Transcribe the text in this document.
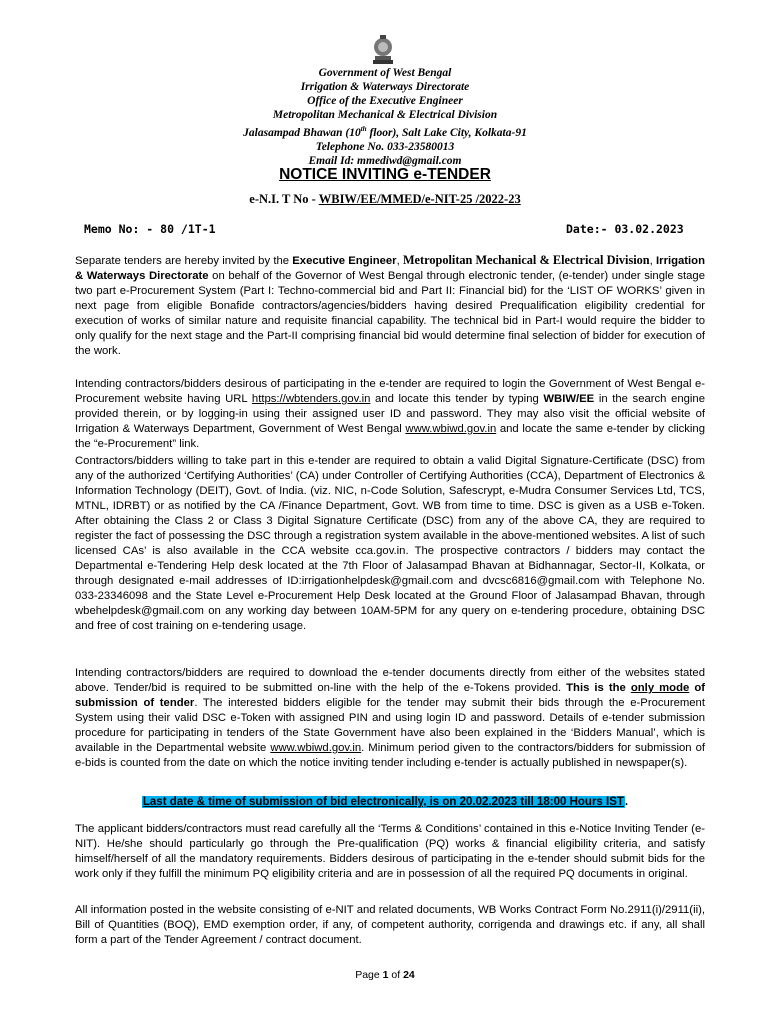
Government of West Bengal
Irrigation & Waterways Directorate
Office of the Executive Engineer
Metropolitan Mechanical & Electrical Division
Jalasampad Bhawan (10th floor), Salt Lake City, Kolkata-91
Telephone No. 033-23580013
Email Id: mmediwd@gmail.com
NOTICE INVITING e-TENDER
e-N.I. T No - WBIW/EE/MMED/e-NIT-25 /2022-23
Memo No: - 80 /1T-1	Date:- 03.02.2023
Separate tenders are hereby invited by the Executive Engineer, Metropolitan Mechanical & Electrical Division, Irrigation & Waterways Directorate on behalf of the Governor of West Bengal through electronic tender, (e-tender) under single stage two part e-Procurement System (Part I: Techno-commercial bid and Part II: Financial bid) for the ‘LIST OF WORKS’ given in next page from eligible Bonafide contractors/agencies/bidders having desired Prequalification eligibility credential for execution of works of similar nature and requisite financial capability. The technical bid in Part-I would require the bidder to only qualify for the next stage and the Part-II comprising financial bid would determine final selection of bidder for execution of the work.
Intending contractors/bidders desirous of participating in the e-tender are required to login the Government of West Bengal e-Procurement website having URL https://wbtenders.gov.in and locate this tender by typing WBIW/EE in the search engine provided therein, or by logging-in using their assigned user ID and password. They may also visit the official website of Irrigation & Waterways Department, Government of West Bengal www.wbiwd.gov.in and locate the same e-tender by clicking the “e-Procurement” link.
Contractors/bidders willing to take part in this e-tender are required to obtain a valid Digital Signature-Certificate (DSC) from any of the authorized ‘Certifying Authorities’ (CA) under Controller of Certifying Authorities (CCA), Department of Electronics & Information Technology (DEIT), Govt. of India. (viz. NIC, n-Code Solution, Safescrypt, e-Mudra Consumer Services Ltd, TCS, MTNL, IDRBT) or as notified by the CA /Finance Department, Govt. WB from time to time. DSC is given as a USB e-Token. After obtaining the Class 2 or Class 3 Digital Signature Certificate (DSC) from any of the above CA, they are required to register the fact of possessing the DSC through a registration system available in the above-mentioned websites. A list of such licensed CAs’ is also available in the CCA website cca.gov.in. The prospective contractors / bidders may contact the Departmental e-Tendering Help desk located at the 7th Floor of Jalasampad Bhavan at Bidhannagar, Sector-II, Kolkata, or through designated e-mail addresses of ID:irrigationhelpdesk@gmail.com and dvcsc6816@gmail.com with Telephone No. 033-23346098 and the State Level e-Procurement Help Desk located at the Ground Floor of Jalasampad Bhavan, through wbehelpdesk@gmail.com on any working day between 10AM-5PM for any query on e-tendering procedure, obtaining DSC and free of cost training on e-tendering usage.
Intending contractors/bidders are required to download the e-tender documents directly from either of the websites stated above. Tender/bid is required to be submitted on-line with the help of the e-Tokens provided. This is the only mode of submission of tender. The interested bidders eligible for the tender may submit their bids through the e-Procurement System using their valid DSC e-Token with assigned PIN and using login ID and password. Details of e-tender submission procedure for participating in tenders of the State Government have also been explained in the ‘Bidders Manual’, which is available in the Departmental website www.wbiwd.gov.in. Minimum period given to the contractors/bidders for submission of e-bids is counted from the date on which the notice inviting tender including e-tender is actually published in newspaper(s).
Last date & time of submission of bid electronically, is on 20.02.2023 till 18:00 Hours IST.
The applicant bidders/contractors must read carefully all the ‘Terms & Conditions’ contained in this e-Notice Inviting Tender (e-NIT). He/she should particularly go through the Pre-qualification (PQ) works & financial eligibility criteria, and satisfy himself/herself of all the mandatory requirements. Bidders desirous of participating in the e-tender should submit bids for the work only if they fulfill the minimum PQ eligibility criteria and are in possession of all the required PQ documents in original.
All information posted in the website consisting of e-NIT and related documents, WB Works Contract Form No.2911(i)/2911(ii), Bill of Quantities (BOQ), EMD exemption order, if any, of competent authority, corrigenda and drawings etc. if any, all shall form a part of the Tender Agreement / contract document.
Page 1 of 24
